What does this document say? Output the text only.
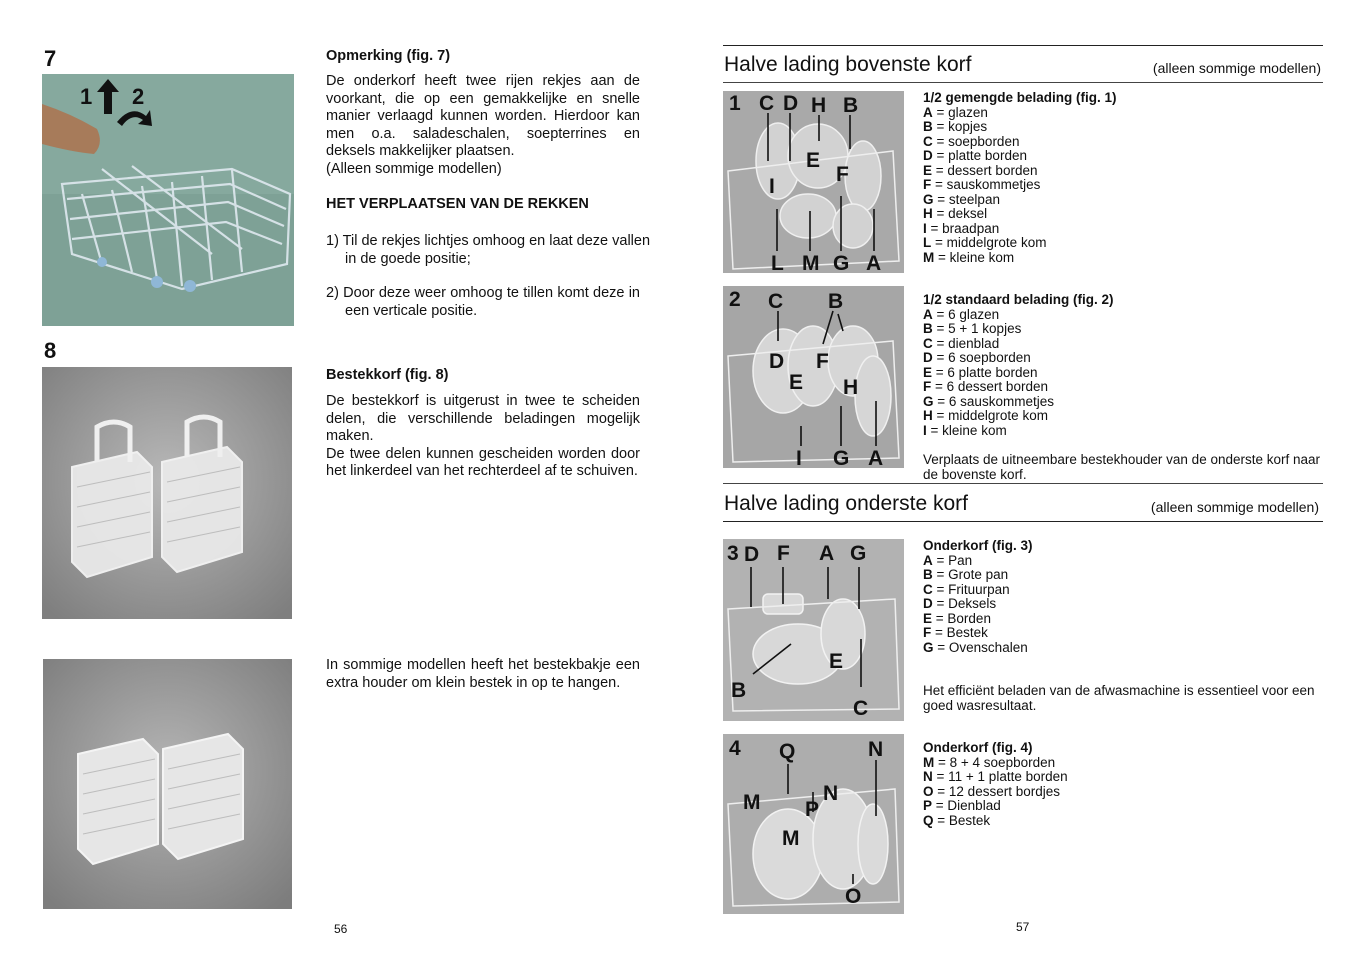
7
1 2
8
Opmerking (fig. 7)

De onderkorf heeft twee rijen rekjes aan de voorkant, die op een gemakkelijke en snelle manier verlaagd kunnen worden. Hierdoor kan men o.a. saladeschalen, soepterrines en deksels makkelijker plaatsen.

(Alleen sommige modellen)

HET VERPLAATSEN VAN DE REKKEN
1) Til de rekjes lichtjes omhoog en laat deze vallen in de goede positie;
2) Door deze weer omhoog te tillen komt deze in een verticale positie.
Bestekkorf (fig. 8)

De bestekkorf is uitgerust in twee te scheiden delen, die verschillende beladingen mogelijk maken.

De twee delen kunnen gescheiden worden door het linkerdeel van het rechterdeel af te schuiven.

In sommige modellen heeft het bestekbakje een extra houder om klein bestek in op te hangen.
56
Halve lading bovenste korf	(alleen sommige modellen)
1 C D H B
E
F
I
L M G A
1/2 gemengde belading (fig. 1)
A = glazen
B = kopjes
C = soepborden
D = platte borden
E = dessert borden
F = sauskommetjes
G = steelpan
H = deksel
I = braadpan
L = middelgrote kom
M = kleine kom
2 C B
D F
E H
I G A
1/2 standaard belading (fig. 2)
A = 6 glazen
B = 5 + 1 kopjes
C = dienblad
D = 6 soepborden
E = 6 platte borden
F = 6 dessert borden
G = 6 sauskommetjes
H = middelgrote kom
I = kleine kom
Verplaats de uitneembare bestekhouder van de onderste korf naar de bovenste korf.
Halve lading onderste korf	(alleen sommige modellen)
3 D F A G
E
B
C
Onderkorf (fig. 3)
A = Pan
B = Grote pan
C = Frituurpan
D = Deksels
E = Borden
F = Bestek
G = Ovenschalen
Het efficiënt beladen van de afwasmachine is essentieel voor een goed wasresultaat.
4 Q	N
M P
N
M
O
Onderkorf (fig. 4)
M = 8 + 4 soepborden
N = 11 + 1 platte borden
O = 12 dessert bordjes
P = Dienblad
Q = Bestek
57
